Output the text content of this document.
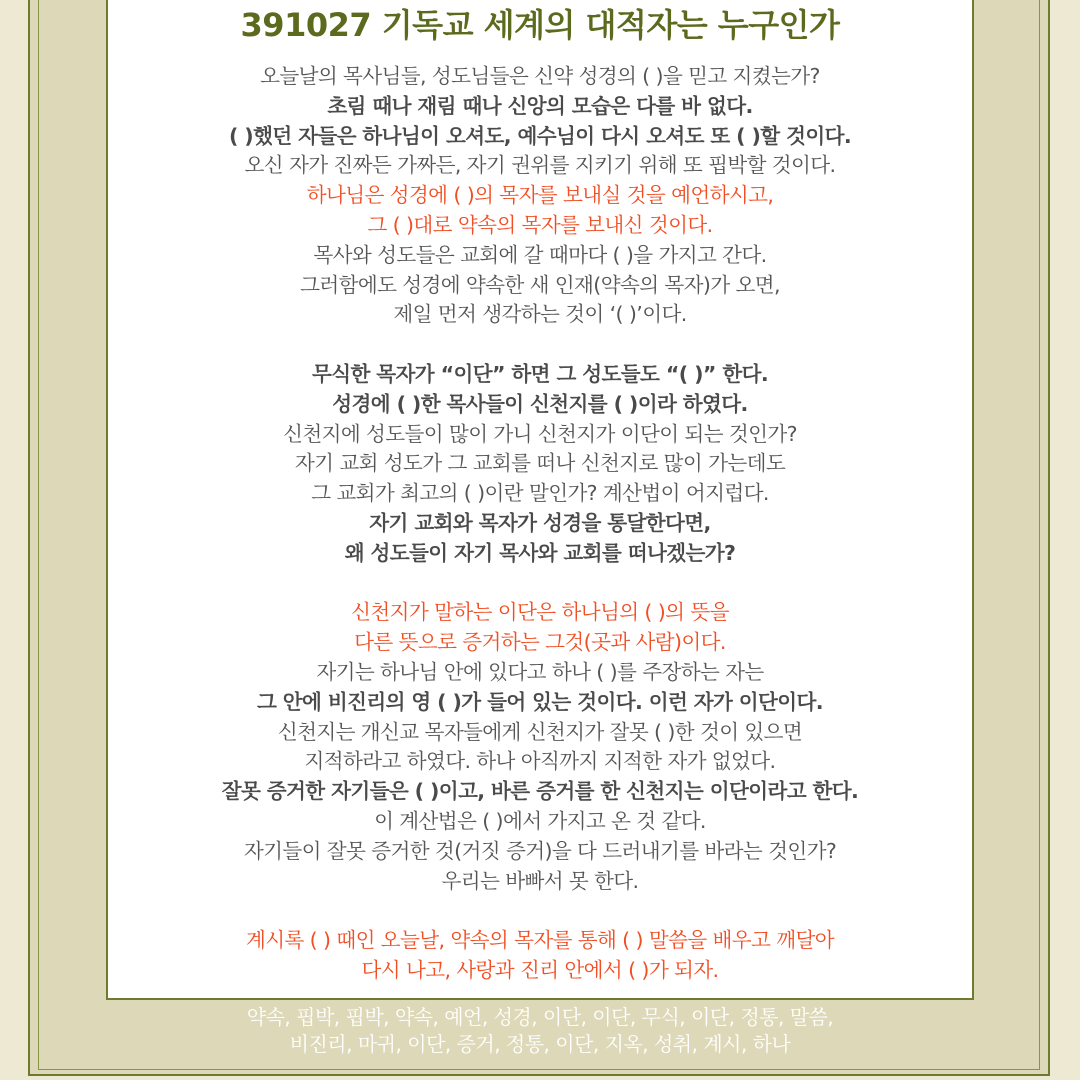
391027 기독교 세계의 대적자는 누구인가
오늘날의 목사님들, 성도님들은 신약 성경의 ( )을 믿고 지켰는가?
초림 때나 재림 때나 신앙의 모습은 다를 바 없다.
( )했던 자들은 하나님이 오셔도, 예수님이 다시 오셔도 또 ( )할 것이다.
오신 자가 진짜든 가짜든, 자기 권위를 지키기 위해 또 핍박할 것이다.
하나님은 성경에 ( )의 목자를 보내실 것을 예언하시고,
그 ( )대로 약속의 목자를 보내신 것이다.
목사와 성도들은 교회에 갈 때마다 ( )을 가지고 간다.
그러함에도 성경에 약속한 새 인재(약속의 목자)가 오면,
제일 먼저 생각하는 것이 ‘( )’이다.
무식한 목자가 “이단” 하면 그 성도들도 “( )” 한다.
성경에 ( )한 목사들이 신천지를 ( )이라 하였다.
신천지에 성도들이 많이 가니 신천지가 이단이 되는 것인가?
자기 교회 성도가 그 교회를 떠나 신천지로 많이 가는데도
그 교회가 최고의 ( )이란 말인가? 계산법이 어지럽다.
자기 교회와 목자가 성경을 통달한다면,
왜 성도들이 자기 목사와 교회를 떠나겠는가?
신천지가 말하는 이단은 하나님의 ( )의 뜻을
다른 뜻으로 증거하는 그것(곳과 사람)이다.
자기는 하나님 안에 있다고 하나 ( )를 주장하는 자는
그 안에 비진리의 영 ( )가 들어 있는 것이다. 이런 자가 이단이다.
신천지는 개신교 목자들에게 신천지가 잘못 ( )한 것이 있으면
지적하라고 하였다. 하나 아직까지 지적한 자가 없었다.
잘못 증거한 자기들은 ( )이고, 바른 증거를 한 신천지는 이단이라고 한다.
이 계산법은 ( )에서 가지고 온 것 같다.
자기들이 잘못 증거한 것(거짓 증거)을 다 드러내기를 바라는 것인가?
우리는 바빠서 못 한다.
계시록 ( ) 때인 오늘날, 약속의 목자를 통해 ( ) 말씀을 배우고 깨달아
다시 나고, 사랑과 진리 안에서 ( )가 되자.
약속, 핍박, 핍박, 약속, 예언, 성경, 이단, 이단, 무식, 이단, 정통, 말씀,
비진리, 마귀, 이단, 증거, 정통, 이단, 지옥, 성취, 계시, 하나
